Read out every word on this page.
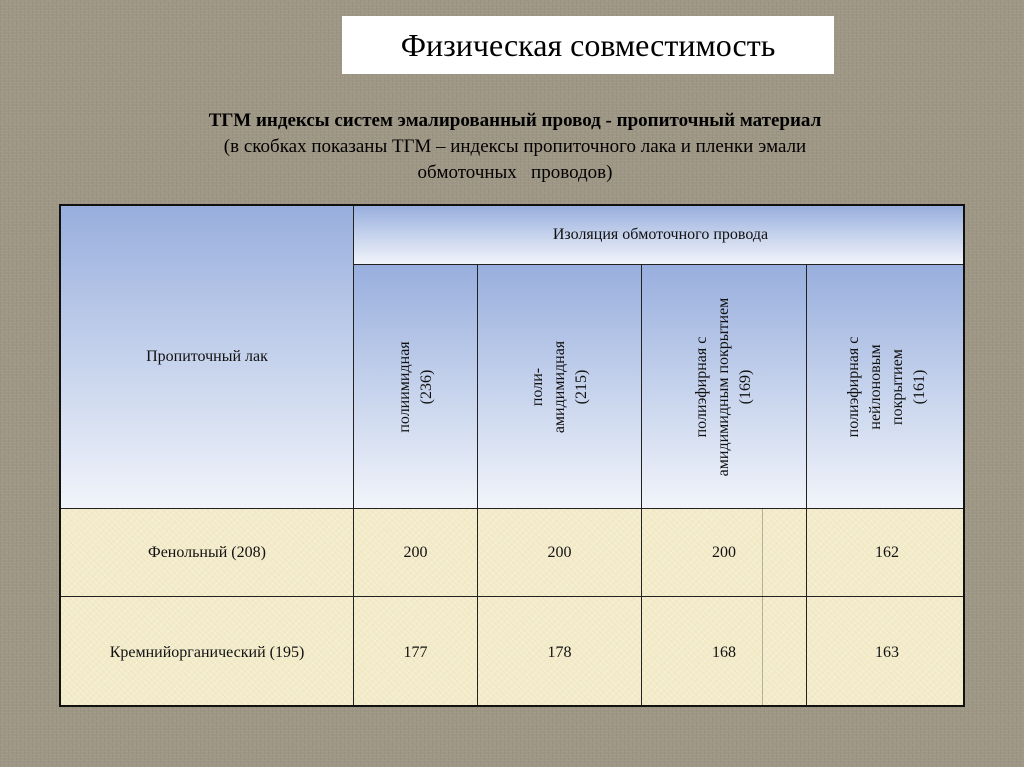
Физическая совместимость
ТГМ индексы систем эмалированный провод - пропиточный материал
(в скобках показаны ТГМ – индексы пропиточного лака и пленки эмали
обмоточных   проводов)
Пропиточный лак
Изоляция обмоточного провода
полиимидная (236)	поли- амидимидная (215)	полиэфирная с амидимидным покрытием (169)	полиэфирная с нейлоновым покрытием (161)
Фенольный (208)	200	200	200	162
Кремнийорганический (195)	177	178	168	163
